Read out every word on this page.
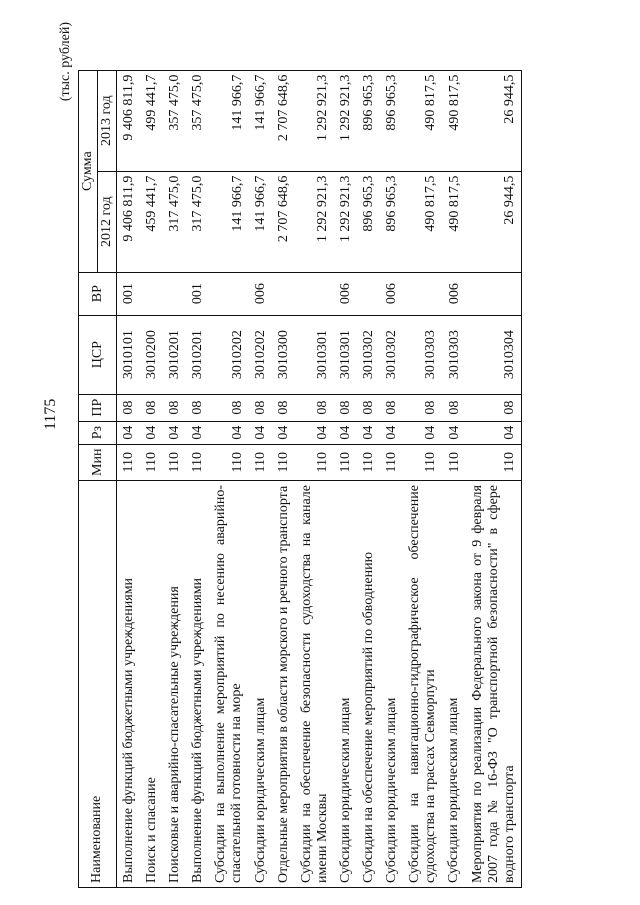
1175
(тыс. рублей)
Наименование	Мин	Рз	ПР	ЦСР	ВР	Сумма	
						2012 год	2013 год
Выполнение функций бюджетными учреждениями	110	04	08	3010101	001	9 406 811,9	9 406 811,9
Поиск и спасание	110	04	08	3010200		459 441,7	499 441,7
Поисковые и аварийно-спасательные учреждения	110	04	08	3010201		317 475,0	357 475,0
Выполнение функций бюджетными учреждениями	110	04	08	3010201	001	317 475,0	357 475,0
Субсидии на выполнение мероприятий по несению аварийно-спасательной готовности на море	110	04	08	3010202		141 966,7	141 966,7
Субсидии юридическим лицам	110	04	08	3010202	006	141 966,7	141 966,7
Отдельные мероприятия в области морского и речного транспорта	110	04	08	3010300		2 707 648,6	2 707 648,6
Субсидии на обеспечение безопасности судоходства на канале имени Москвы	110	04	08	3010301		1 292 921,3	1 292 921,3
Субсидии юридическим лицам	110	04	08	3010301	006	1 292 921,3	1 292 921,3
Субсидии на обеспечение мероприятий по обводнению	110	04	08	3010302		896 965,3	896 965,3
Субсидии юридическим лицам	110	04	08	3010302	006	896 965,3	896 965,3
Субсидии на навигационно-гидрографическое обеспечение судоходства на трассах Севморпути	110	04	08	3010303		490 817,5	490 817,5
Субсидии юридическим лицам	110	04	08	3010303	006	490 817,5	490 817,5
Мероприятия по реализации Федерального закона от 9 февраля 2007 года № 16-ФЗ "О транспортной безопасности" в сфере водного транспорта	110	04	08	3010304		26 944,5	26 944,5
